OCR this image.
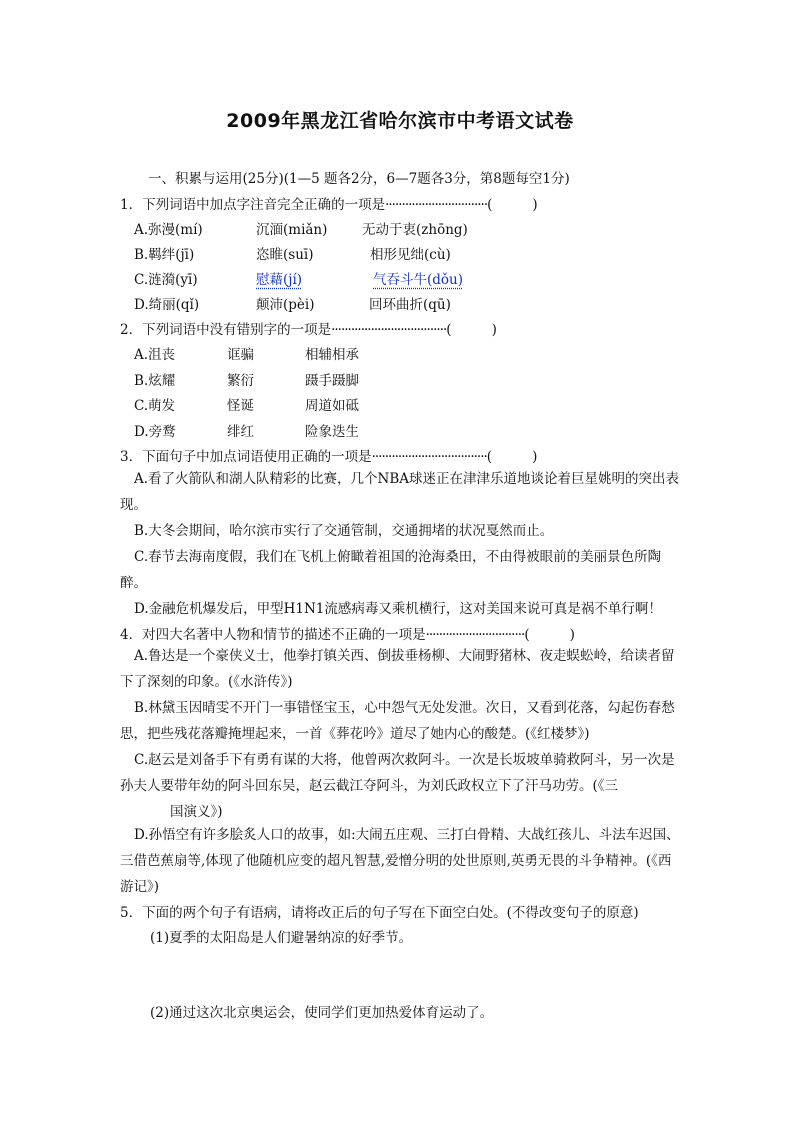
2009年黑龙江省哈尔滨市中考语文试卷
一、积累与运用(25分)(1—5 题各2分，6—7题各3分，第8题每空1分)
1．下列词语中加点字注音完全正确的一项是·······························(	)
A.弥漫(mí)	沉湎(miǎn)	无动于衷(zhōng)
B.羁绊(jī)	恣睢(suī)	相形见绌(cù)
C.涟漪(yī)	慰藉(jí)	气吞斗牛(dǒu)
D.绮丽(qǐ)	颠沛(pèi)	回环曲折(qū)
2．下列词语中没有错别字的一项是···································(	)
A.沮丧	诓骗	相辅相承
B.炫耀	繁衍	蹑手蹑脚
C.萌发	怪诞	周道如砥
D.旁鹜	绯红	险象迭生
3．下面句子中加点词语使用正确的一项是···································(	)
A.看了火箭队和湖人队精彩的比赛，几个NBA球迷正在津津乐道地谈论着巨星姚明的突出表现。
B.大冬会期间，哈尔滨市实行了交通管制，交通拥堵的状况戛然而止。
C.春节去海南度假，我们在飞机上俯瞰着祖国的沧海桑田，不由得被眼前的美丽景色所陶醉。
D.金融危机爆发后，甲型H1N1流感病毒又乘机横行，这对美国来说可真是祸不单行啊！
4．对四大名著中人物和情节的描述不正确的一项是······························(	)
A.鲁达是一个豪侠义士，他拳打镇关西、倒拔垂杨柳、大闹野猪林、夜走蜈蚣岭，给读者留下了深刻的印象。(《水浒传》)
B.林黛玉因晴雯不开门一事错怪宝玉，心中怨气无处发泄。次日，又看到花落，勾起伤春愁思，把些残花落瓣掩埋起来，一首《葬花吟》道尽了她内心的酸楚。(《红楼梦》)
C.赵云是刘备手下有勇有谋的大将，他曾两次救阿斗。一次是长坂坡单骑救阿斗，另一次是孙夫人要带年幼的阿斗回东吴，赵云截江夺阿斗，为刘氏政权立下了汗马功劳。(《三
国演义》)
D.孙悟空有许多脍炙人口的故事，如:大闹五庄观、三打白骨精、大战红孩儿、斗法车迟国、三借芭蕉扇等,体现了他随机应变的超凡智慧,爱憎分明的处世原则,英勇无畏的斗争精神。(《西游记》)
5．下面的两个句子有语病，请将改正后的句子写在下面空白处。(不得改变句子的原意)
(1)夏季的太阳岛是人们避暑纳凉的好季节。
(2)通过这次北京奥运会，使同学们更加热爱体育运动了。
